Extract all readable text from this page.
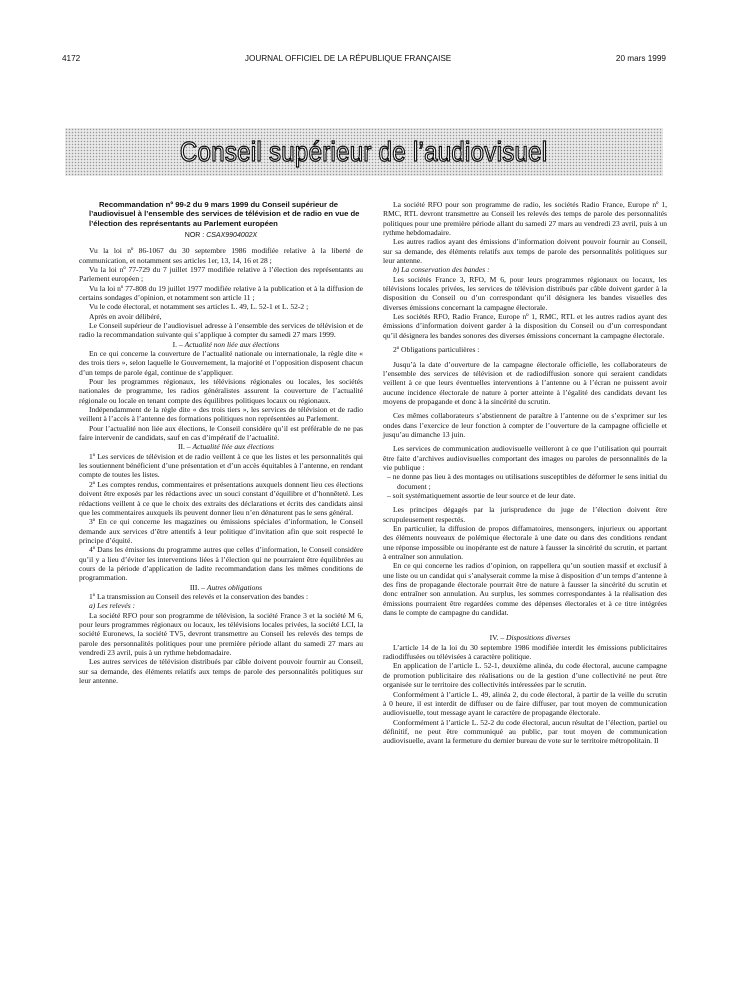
4172	JOURNAL OFFICIEL DE LA RÉPUBLIQUE FRANÇAISE	20 mars 1999
Conseil supérieur de l’audiovisuel

Recommandation nº 99-2 du 9 mars 1999 du Conseil supérieur de l’audiovisuel à l’ensemble des services de télévision et de radio en vue de l’élection des représentants au Parlement européen

NOR : CSAX9904002X

Vu la loi nº 86-1067 du 30 septembre 1986 modifiée relative à la liberté de communication, et notamment ses articles 1er, 13, 14, 16 et 28 ;

Vu la loi nº 77-729 du 7 juillet 1977 modifiée relative à l’élection des représentants au Parlement européen ;

Vu la loi nº 77-808 du 19 juillet 1977 modifiée relative à la publication et à la diffusion de certains sondages d’opinion, et notamment son article 11 ;

Vu le code électoral, et notamment ses articles L. 49, L. 52-1 et L. 52-2 ;

Après en avoir délibéré,

Le Conseil supérieur de l’audiovisuel adresse à l’ensemble des services de télévision et de radio la recommandation suivante qui s’applique à compter du samedi 27 mars 1999.

I. – Actualité non liée aux élections

En ce qui concerne la couverture de l’actualité nationale ou internationale, la règle dite « des trois tiers », selon laquelle le Gouvernement, la majorité et l’opposition disposent chacun d’un temps de parole égal, continue de s’appliquer.

Pour les programmes régionaux, les télévisions régionales ou locales, les sociétés nationales de programme, les radios généralistes assurent la couverture de l’actualité régionale ou locale en tenant compte des équilibres politiques locaux ou régionaux.

Indépendamment de la règle dite « des trois tiers », les services de télévision et de radio veillent à l’accès à l’antenne des formations politiques non représentées au Parlement.

Pour l’actualité non liée aux élections, le Conseil considère qu’il est préférable de ne pas faire intervenir de candidats, sauf en cas d’impératif de l’actualité.

II. – Actualité liée aux élections

1º Les services de télévision et de radio veillent à ce que les listes et les personnalités qui les soutiennent bénéficient d’une présentation et d’un accès équitables à l’antenne, en rendant compte de toutes les listes.

2º Les comptes rendus, commentaires et présentations auxquels donnent lieu ces élections doivent être exposés par les rédactions avec un souci constant d’équilibre et d’honnêteté. Les rédactions veillent à ce que le choix des extraits des déclarations et écrits des candidats ainsi que les commentaires auxquels ils peuvent donner lieu n’en dénaturent pas le sens général.

3º En ce qui concerne les magazines ou émissions spéciales d’information, le Conseil demande aux services d’être attentifs à leur politique d’invitation afin que soit respecté le principe d’équité.

4º Dans les émissions du programme autres que celles d’information, le Conseil considère qu’il y a lieu d’éviter les interventions liées à l’élection qui ne pourraient être équilibrées au cours de la période d’application de ladite recommandation dans les mêmes conditions de programmation.

III. – Autres obligations

1º La transmission au Conseil des relevés et la conservation des bandes :

a) Les relevés :

La société RFO pour son programme de télévision, la société France 3 et la société M 6, pour leurs programmes régionaux ou locaux, les télévisions locales privées, la société LCI, la société Euronews, la société TV5, devront transmettre au Conseil les relevés des temps de parole des personnalités politiques pour une première période allant du samedi 27 mars au vendredi 23 avril, puis à un rythme hebdomadaire.

Les autres services de télévision distribués par câble doivent pouvoir fournir au Conseil, sur sa demande, des éléments relatifs aux temps de parole des personnalités politiques sur leur antenne.

La société RFO pour son programme de radio, les sociétés Radio France, Europe nº 1, RMC, RTL devront transmettre au Conseil les relevés des temps de parole des personnalités politiques pour une première période allant du samedi 27 mars au vendredi 23 avril, puis à un rythme hebdomadaire.

Les autres radios ayant des émissions d’information doivent pouvoir fournir au Conseil, sur sa demande, des éléments relatifs aux temps de parole des personnalités politiques sur leur antenne.

b) La conservation des bandes :

Les sociétés France 3, RFO, M 6, pour leurs programmes régionaux ou locaux, les télévisions locales privées, les services de télévision distribués par câble doivent garder à la disposition du Conseil ou d’un correspondant qu’il désignera les bandes visuelles des diverses émissions concernant la campagne électorale.

Les sociétés RFO, Radio France, Europe nº 1, RMC, RTL et les autres radios ayant des émissions d’information doivent garder à la disposition du Conseil ou d’un correspondant qu’il désignera les bandes sonores des diverses émissions concernant la campagne électorale.

2º Obligations particulières :

Jusqu’à la date d’ouverture de la campagne électorale officielle, les collaborateurs de l’ensemble des services de télévision et de radiodiffusion sonore qui seraient candidats veillent à ce que leurs éventuelles interventions à l’antenne ou à l’écran ne puissent avoir aucune incidence électorale de nature à porter atteinte à l’égalité des candidats devant les moyens de propagande et donc à la sincérité du scrutin.

Ces mêmes collaborateurs s’abstiennent de paraître à l’antenne ou de s’exprimer sur les ondes dans l’exercice de leur fonction à compter de l’ouverture de la campagne officielle et jusqu’au dimanche 13 juin.

Les services de communication audiovisuelle veilleront à ce que l’utilisation qui pourrait être faite d’archives audiovisuelles comportant des images ou paroles de personnalités de la vie publique :

– ne donne pas lieu à des montages ou utilisations susceptibles de déformer le sens initial du document ;

– soit systématiquement assortie de leur source et de leur date.

Les principes dégagés par la jurisprudence du juge de l’élection doivent être scrupuleusement respectés.

En particulier, la diffusion de propos diffamatoires, mensongers, injurieux ou apportant des éléments nouveaux de polémique électorale à une date ou dans des conditions rendant une réponse impossible ou inopérante est de nature à fausser la sincérité du scrutin, et partant à entraîner son annulation.

En ce qui concerne les radios d’opinion, on rappellera qu’un soutien massif et exclusif à une liste ou un candidat qui s’analyserait comme la mise à disposition d’un temps d’antenne à des fins de propagande électorale pourrait être de nature à fausser la sincérité du scrutin et donc entraîner son annulation. Au surplus, les sommes correspondantes à la réalisation des émissions pourraient être regardées comme des dépenses électorales et à ce titre intégrées dans le compte de campagne du candidat.

IV. – Dispositions diverses

L’article 14 de la loi du 30 septembre 1986 modifiée interdit les émissions publicitaires radiodiffusées ou télévisées à caractère politique.

En application de l’article L. 52-1, deuxième alinéa, du code électoral, aucune campagne de promotion publicitaire des réalisations ou de la gestion d’une collectivité ne peut être organisée sur le territoire des collectivités intéressées par le scrutin.

Conformément à l’article L. 49, alinéa 2, du code électoral, à partir de la veille du scrutin à 0 heure, il est interdit de diffuser ou de faire diffuser, par tout moyen de communication audiovisuelle, tout message ayant le caractère de propagande électorale.

Conformément à l’article L. 52-2 du code électoral, aucun résultat de l’élection, partiel ou définitif, ne peut être communiqué au public, par tout moyen de communication audiovisuelle, avant la fermeture du dernier bureau de vote sur le territoire métropolitain. Il
